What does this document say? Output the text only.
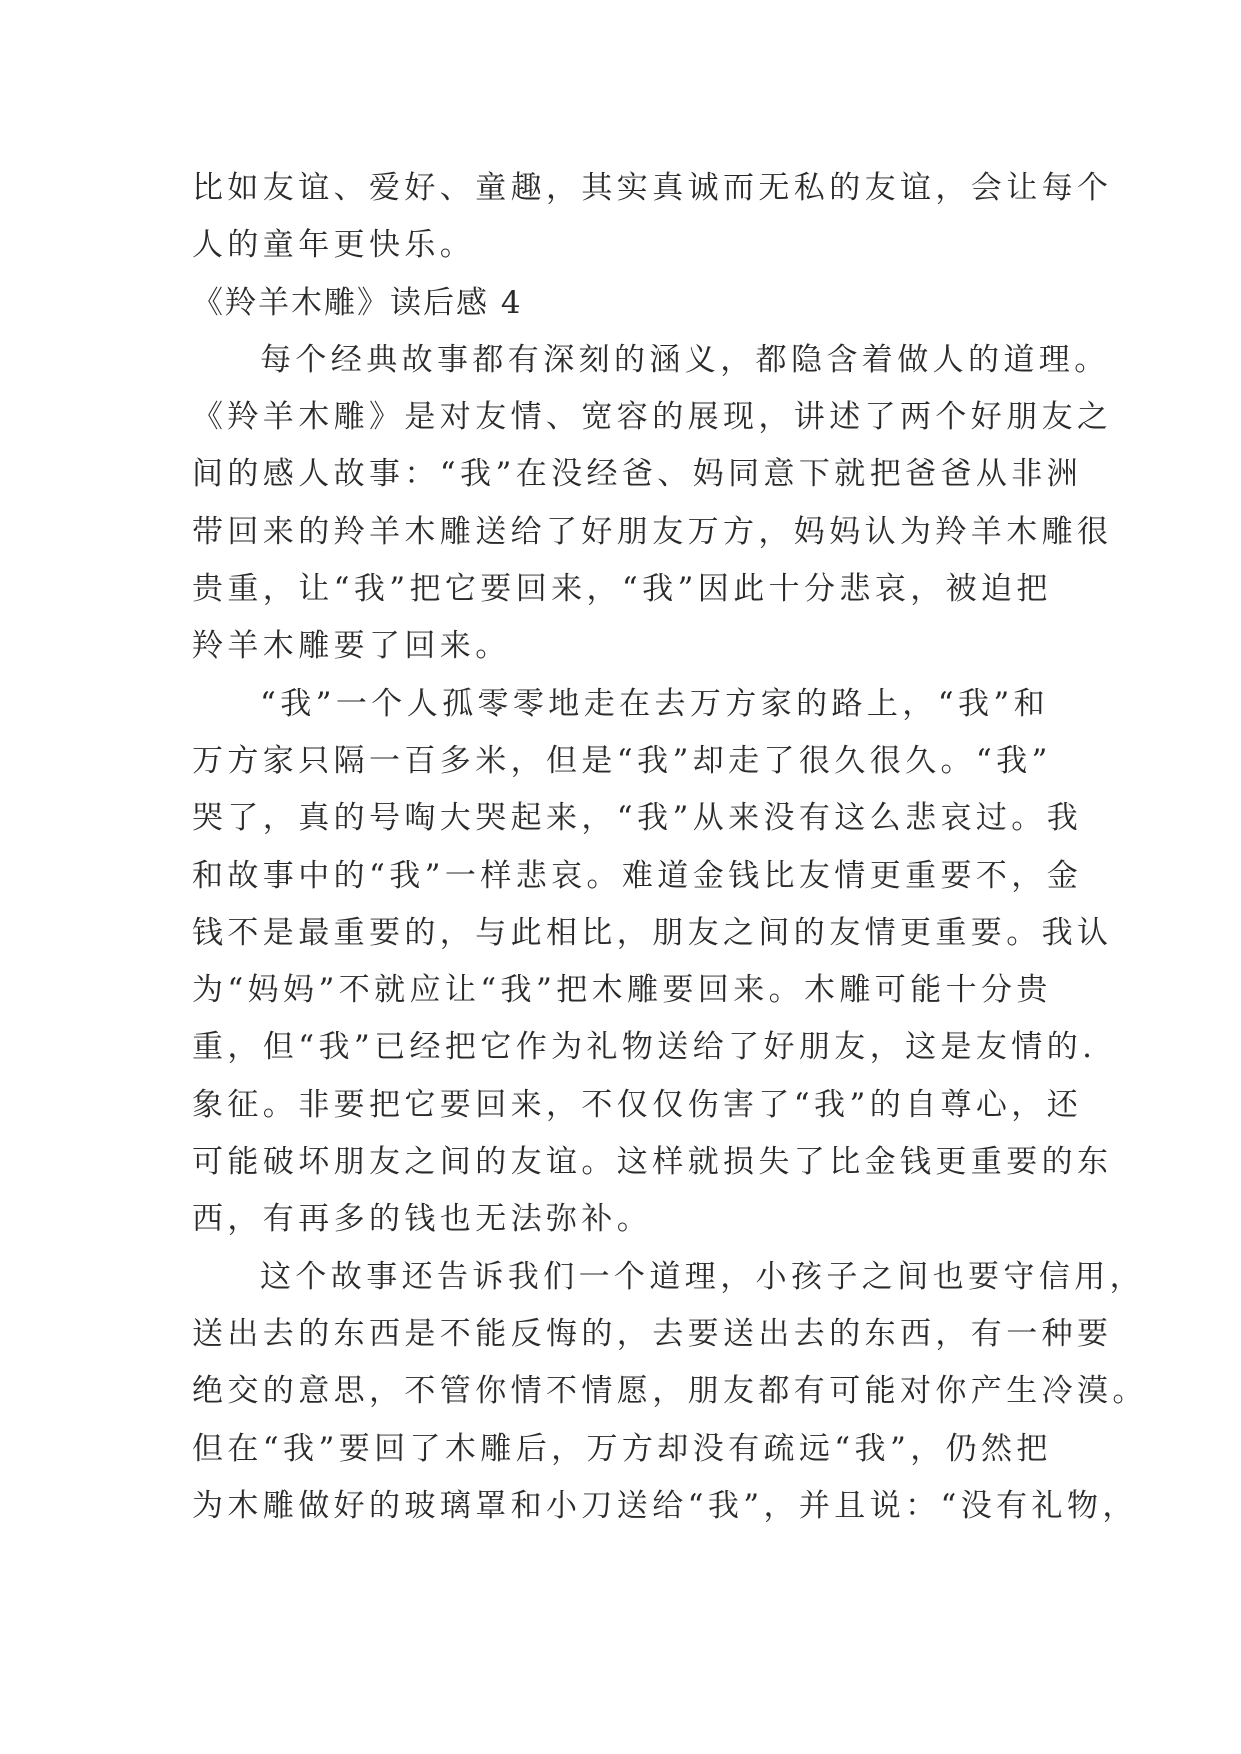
比如友谊、爱好、童趣，其实真诚而无私的友谊，会让每个
人的童年更快乐。
《羚羊木雕》读后感 4
每个经典故事都有深刻的涵义，都隐含着做人的道理。
《羚羊木雕》是对友情、宽容的展现，讲述了两个好朋友之
间的感人故事：“我”在没经爸、妈同意下就把爸爸从非洲
带回来的羚羊木雕送给了好朋友万方，妈妈认为羚羊木雕很
贵重，让“我”把它要回来，“我”因此十分悲哀，被迫把
羚羊木雕要了回来。
“我”一个人孤零零地走在去万方家的路上，“我”和
万方家只隔一百多米，但是“我”却走了很久很久。“我”
哭了，真的号啕大哭起来，“我”从来没有这么悲哀过。我
和故事中的“我”一样悲哀。难道金钱比友情更重要不，金
钱不是最重要的，与此相比，朋友之间的友情更重要。我认
为“妈妈”不就应让“我”把木雕要回来。木雕可能十分贵
重，但“我”已经把它作为礼物送给了好朋友，这是友情的.
象征。非要把它要回来，不仅仅伤害了“我”的自尊心，还
可能破坏朋友之间的友谊。这样就损失了比金钱更重要的东
西，有再多的钱也无法弥补。
这个故事还告诉我们一个道理，小孩子之间也要守信用，
送出去的东西是不能反悔的，去要送出去的东西，有一种要
绝交的意思，不管你情不情愿，朋友都有可能对你产生冷漠。
但在“我”要回了木雕后，万方却没有疏远“我”，仍然把
为木雕做好的玻璃罩和小刀送给“我”，并且说：“没有礼物，
